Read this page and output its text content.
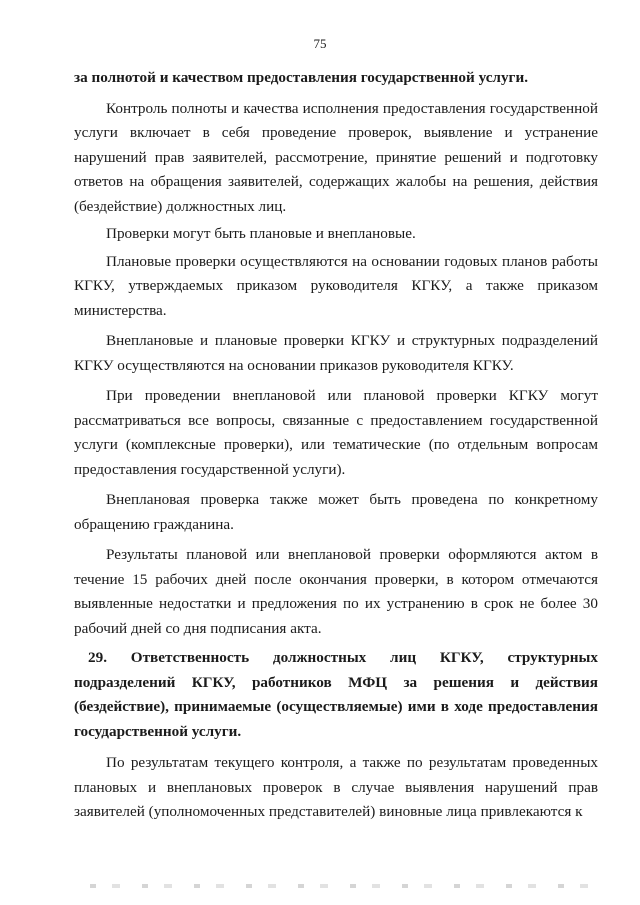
75

за полнотой и качеством предоставления государственной услуги.

Контроль полноты и качества исполнения предоставления государственной услуги включает в себя проведение проверок, выявление и устранение нарушений прав заявителей, рассмотрение, принятие решений и подготовку ответов на обращения заявителей, содержащих жалобы на решения, действия (бездействие) должностных лиц.

Проверки могут быть плановые и внеплановые.

Плановые проверки осуществляются на основании годовых планов работы КГКУ, утверждаемых приказом руководителя КГКУ, а также приказом министерства.

Внеплановые и плановые проверки КГКУ и структурных подразделений КГКУ осуществляются на основании приказов руководителя КГКУ.

При проведении внеплановой или плановой проверки КГКУ могут рассматриваться все вопросы, связанные с предоставлением государственной услуги (комплексные проверки), или тематические (по отдельным вопросам предоставления государственной услуги).

Внеплановая проверка также может быть проведена по конкретному обращению гражданина.

Результаты плановой или внеплановой проверки оформляются актом в течение 15 рабочих дней после окончания проверки, в котором отмечаются выявленные недостатки и предложения по их устранению в срок не более 30 рабочий дней со дня подписания акта.

29. Ответственность должностных лиц КГКУ, структурных подразделений КГКУ, работников МФЦ за решения и действия (бездействие), принимаемые (осуществляемые) ими в ходе предоставления государственной услуги.

По результатам текущего контроля, а также по результатам проведенных плановых и внеплановых проверок в случае выявления нарушений прав заявителей (уполномоченных представителей) виновные лица привлекаются к
